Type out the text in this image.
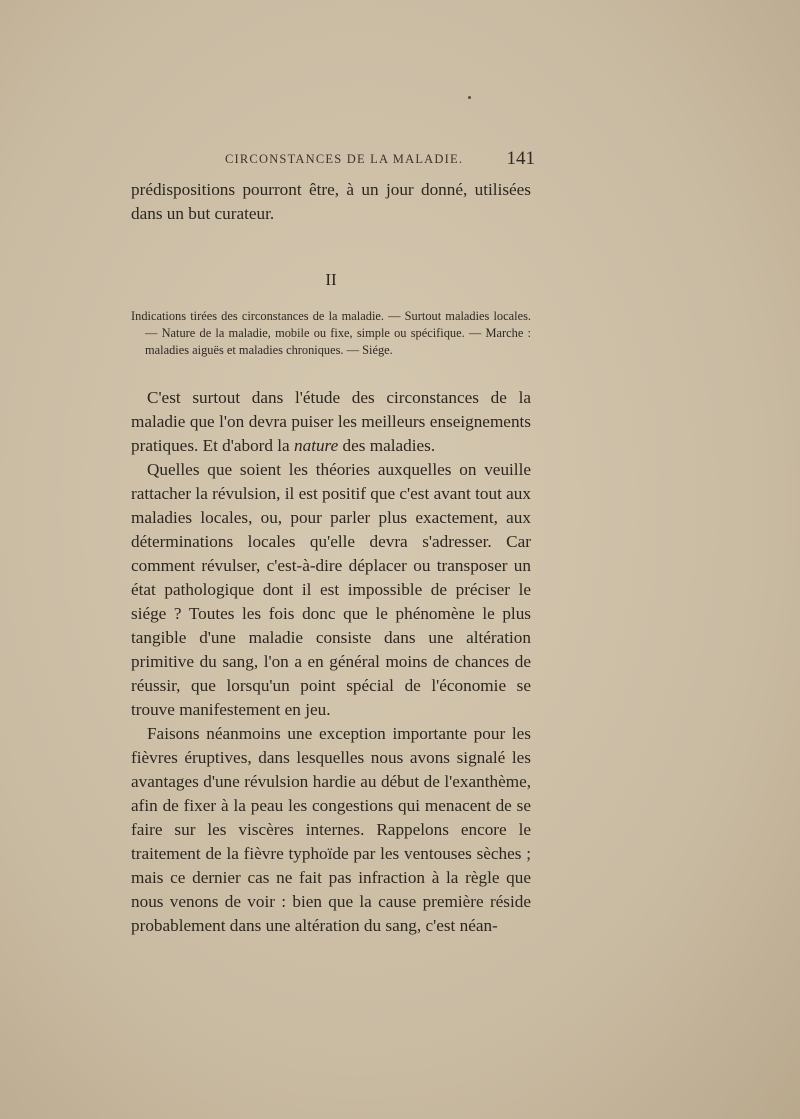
CIRCONSTANCES DE LA MALADIE. 141

prédispositions pourront être, à un jour donné, utilisées dans un but curateur.

II

Indications tirées des circonstances de la maladie. — Surtout maladies locales. — Nature de la maladie, mobile ou fixe, simple ou spécifique. — Marche : maladies aiguës et maladies chroniques. — Siége.

C'est surtout dans l'étude des circonstances de la maladie que l'on devra puiser les meilleurs enseignements pratiques. Et d'abord la nature des maladies.

Quelles que soient les théories auxquelles on veuille rattacher la révulsion, il est positif que c'est avant tout aux maladies locales, ou, pour parler plus exactement, aux déterminations locales qu'elle devra s'adresser. Car comment révulser, c'est-à-dire déplacer ou transposer un état pathologique dont il est impossible de préciser le siége ? Toutes les fois donc que le phénomène le plus tangible d'une maladie consiste dans une altération primitive du sang, l'on a en général moins de chances de réussir, que lorsqu'un point spécial de l'économie se trouve manifestement en jeu.

Faisons néanmoins une exception importante pour les fièvres éruptives, dans lesquelles nous avons signalé les avantages d'une révulsion hardie au début de l'exanthème, afin de fixer à la peau les congestions qui menacent de se faire sur les viscères internes. Rappelons encore le traitement de la fièvre typhoïde par les ventouses sèches ; mais ce dernier cas ne fait pas infraction à la règle que nous venons de voir : bien que la cause première réside probablement dans une altération du sang, c'est néan-
